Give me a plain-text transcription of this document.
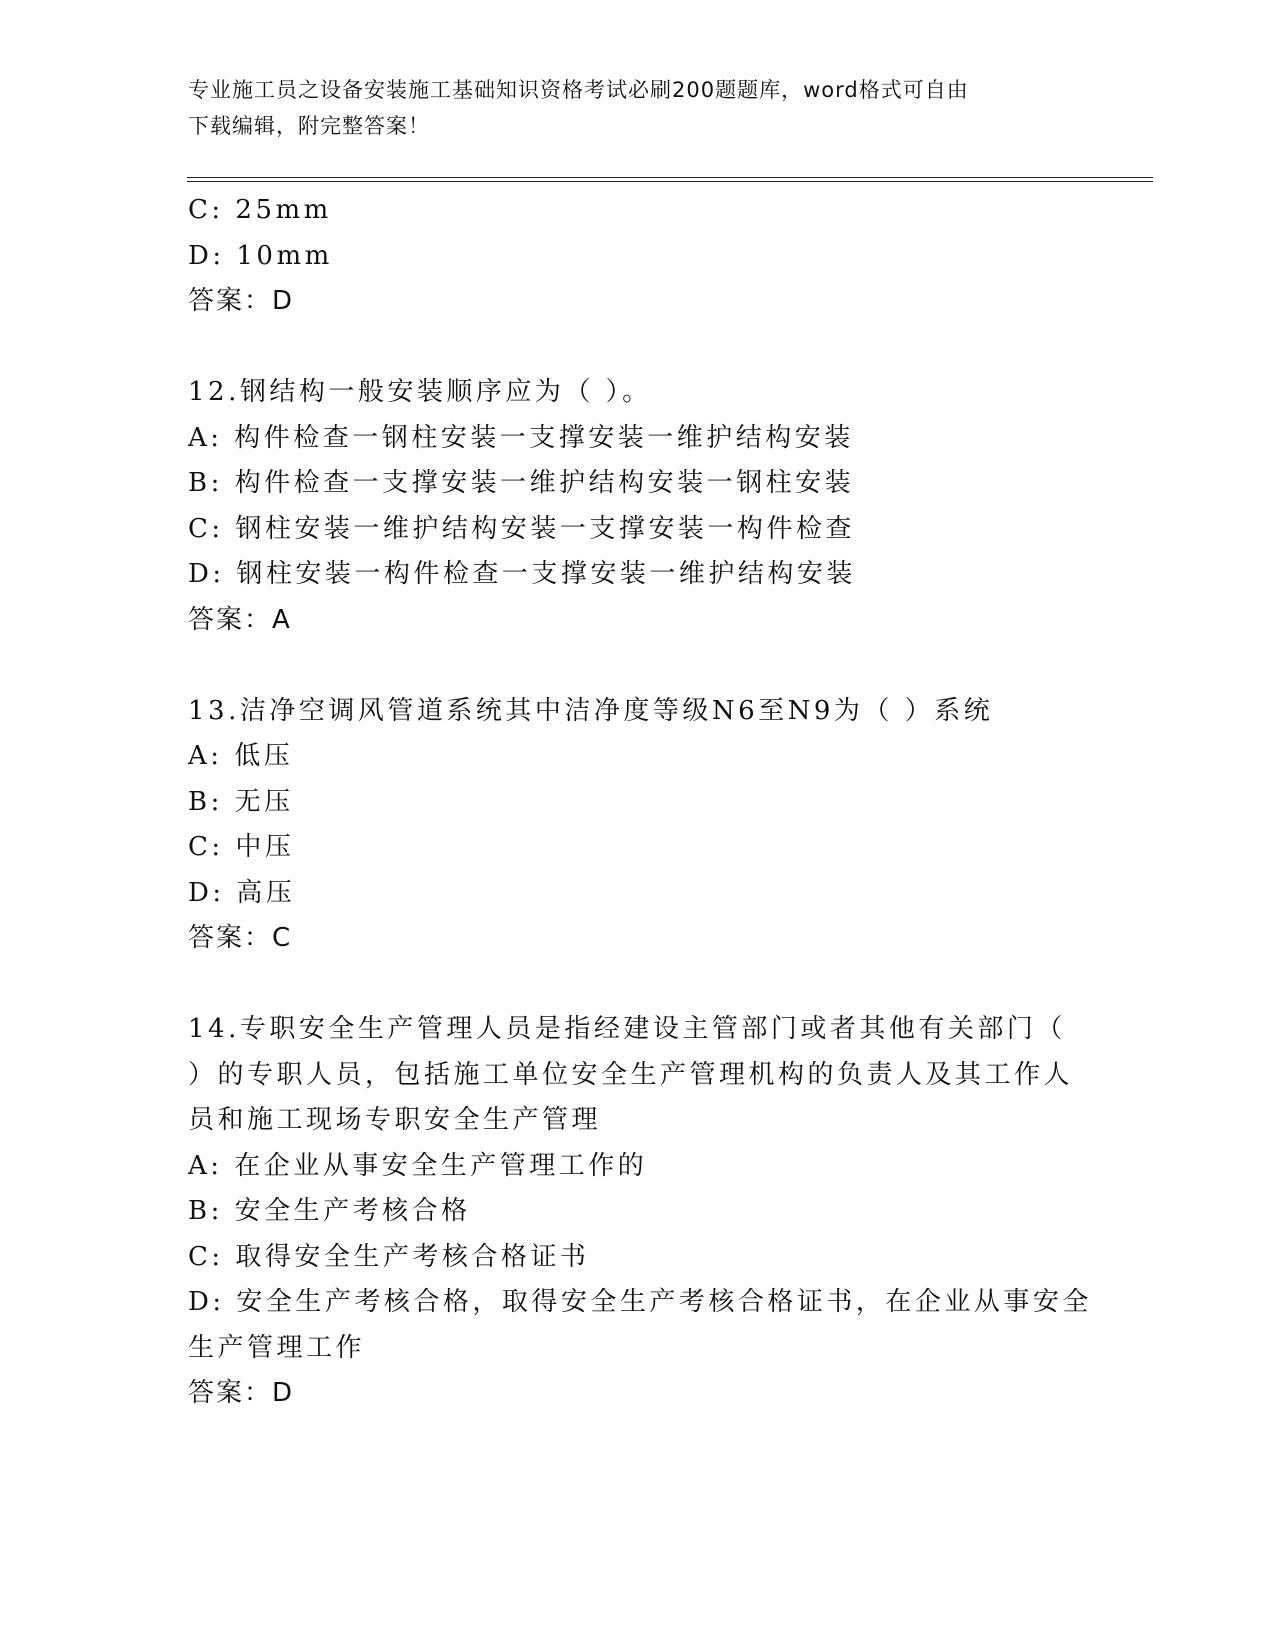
专业施工员之设备安装施工基础知识资格考试必刷200题题库，word格式可自由
下载编辑，附完整答案！
C: 25mm
D: 10mm
答案：D
12.钢结构一般安装顺序应为（ ）。
A: 构件检查一钢柱安装一支撑安装一维护结构安装
B: 构件检查一支撑安装一维护结构安装一钢柱安装
C: 钢柱安装一维护结构安装一支撑安装一构件检查
D: 钢柱安装一构件检查一支撑安装一维护结构安装
答案：A
13.洁净空调风管道系统其中洁净度等级N6至N9为（ ）系统
A: 低压
B: 无压
C: 中压
D: 高压
答案：C
14.专职安全生产管理人员是指经建设主管部门或者其他有关部门（
）的专职人员，包括施工单位安全生产管理机构的负责人及其工作人
员和施工现场专职安全生产管理
A: 在企业从事安全生产管理工作的
B: 安全生产考核合格
C: 取得安全生产考核合格证书
D: 安全生产考核合格，取得安全生产考核合格证书，在企业从事安全
生产管理工作
答案：D
